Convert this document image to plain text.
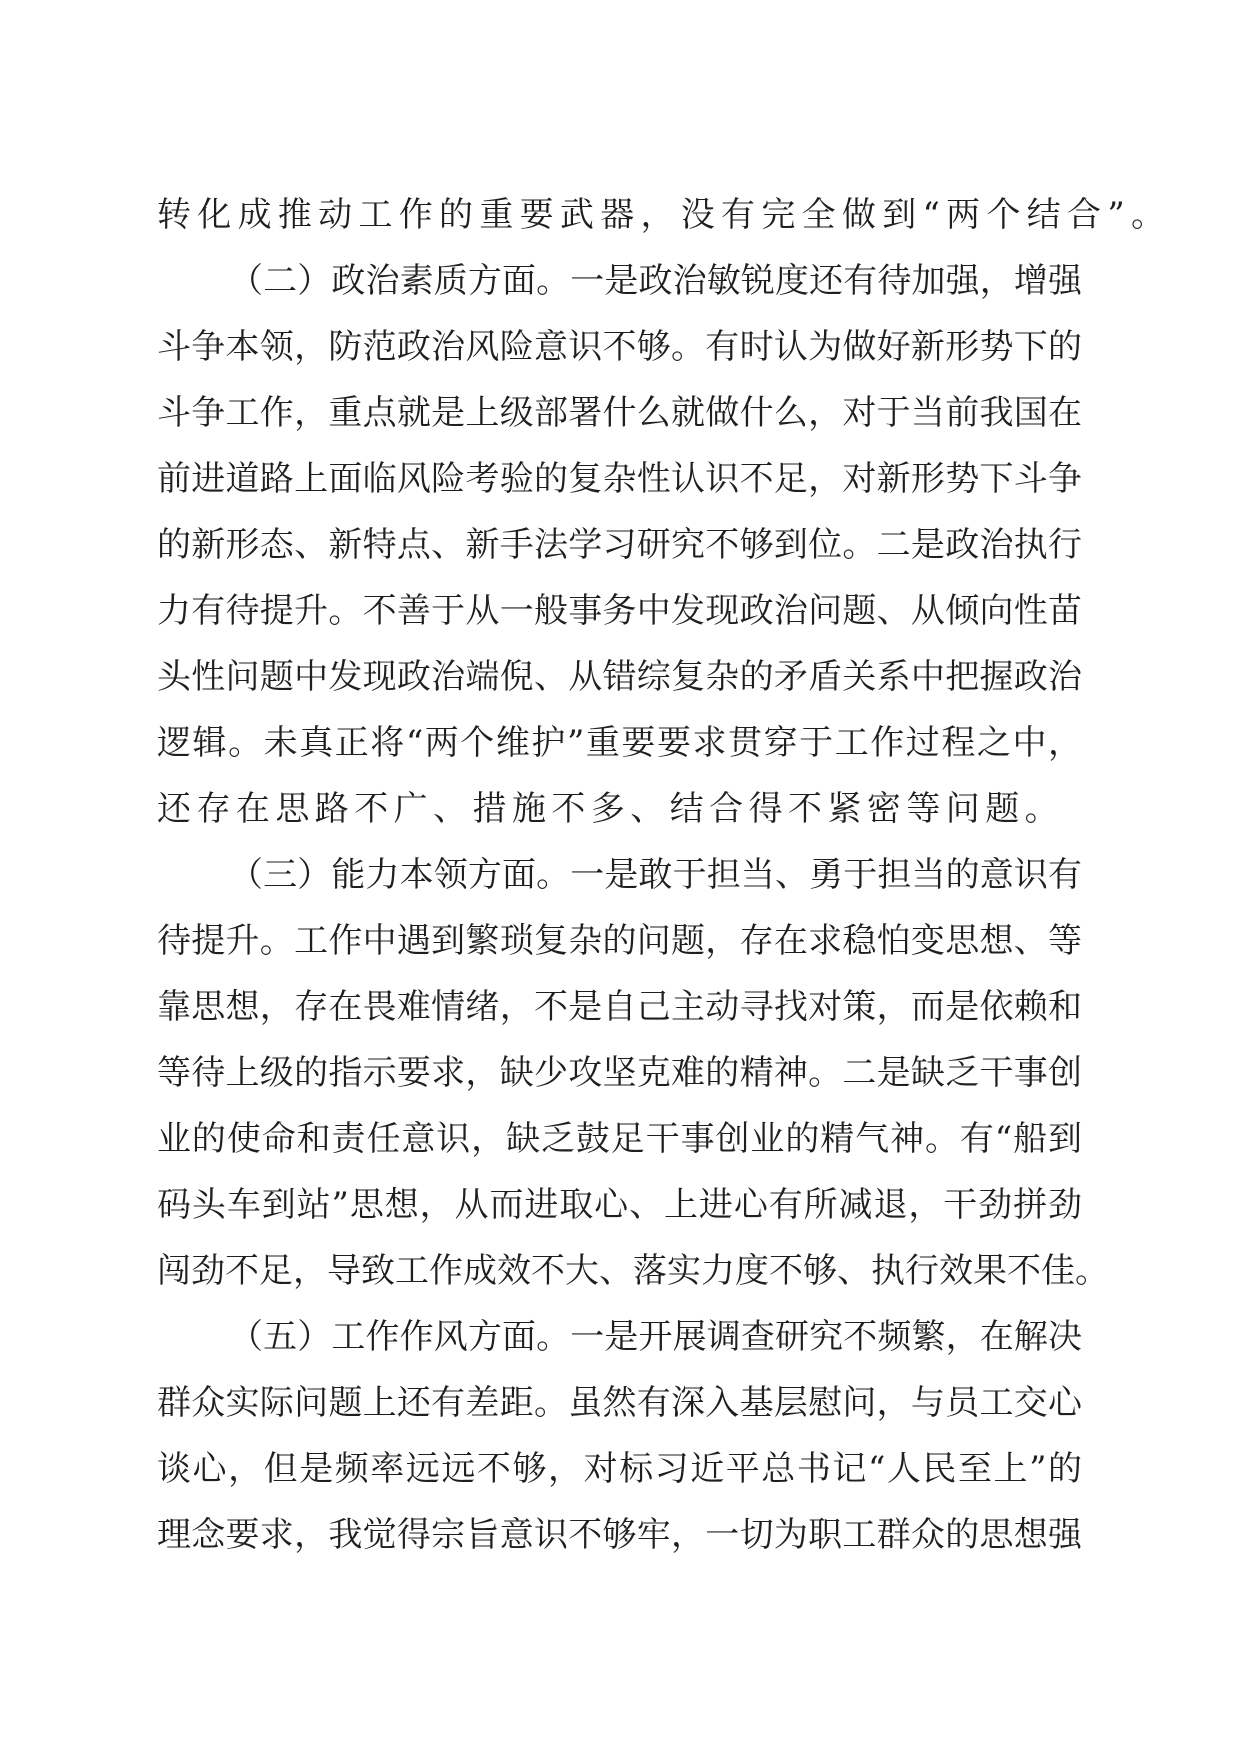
转化成推动工作的重要武器，没有完全做到“两个结合”。

（二）政治素质方面。一是政治敏锐度还有待加强，增强

斗争本领，防范政治风险意识不够。有时认为做好新形势下的

斗争工作，重点就是上级部署什么就做什么，对于当前我国在

前进道路上面临风险考验的复杂性认识不足，对新形势下斗争

的新形态、新特点、新手法学习研究不够到位。二是政治执行

力有待提升。不善于从一般事务中发现政治问题、从倾向性苗

头性问题中发现政治端倪、从错综复杂的矛盾关系中把握政治

逻辑。未真正将“两个维护”重要要求贯穿于工作过程之中，

还存在思路不广、措施不多、结合得不紧密等问题。

（三）能力本领方面。一是敢于担当、勇于担当的意识有

待提升。工作中遇到繁琐复杂的问题，存在求稳怕变思想、等

靠思想，存在畏难情绪，不是自己主动寻找对策，而是依赖和

等待上级的指示要求，缺少攻坚克难的精神。二是缺乏干事创

业的使命和责任意识，缺乏鼓足干事创业的精气神。有“船到

码头车到站”思想，从而进取心、上进心有所减退，干劲拼劲

闯劲不足，导致工作成效不大、落实力度不够、执行效果不佳。

（五）工作作风方面。一是开展调查研究不频繁，在解决

群众实际问题上还有差距。虽然有深入基层慰问，与员工交心

谈心，但是频率远远不够，对标习近平总书记“人民至上”的

理念要求，我觉得宗旨意识不够牢，一切为职工群众的思想强
